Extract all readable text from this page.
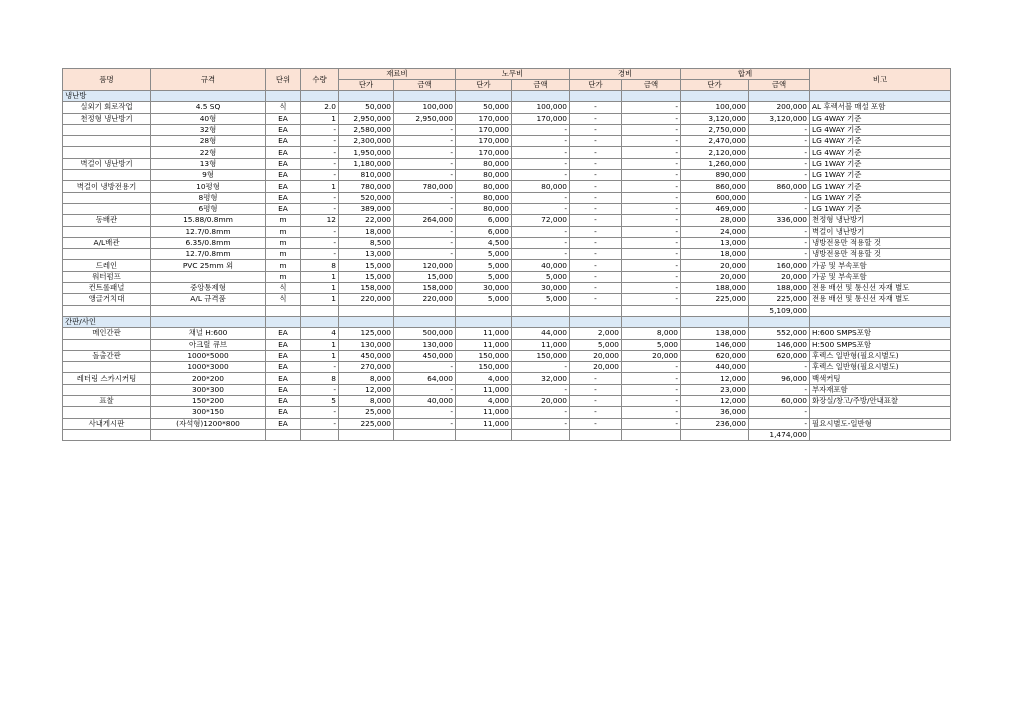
품명	규격	단위	수량	재료비		노무비		경비		합계		비고
				단가	금액	단가	금액	단가	금액	단가	금액	
냉난방												
실외기 회로작업	4.5 SQ	식	2.0	50,000	100,000	50,000	100,000	-	-	100,000	200,000	AL 후렉서블 매설 포함
천정형 냉난방기	40형	EA	1	2,950,000	2,950,000	170,000	170,000	-	-	3,120,000	3,120,000	LG 4WAY 기준
	32형	EA	-	2,580,000	-	170,000	-	-	-	2,750,000	-	LG 4WAY 기준
	28형	EA	-	2,300,000	-	170,000	-	-	-	2,470,000	-	LG 4WAY 기준
	22형	EA	-	1,950,000	-	170,000	-	-	-	2,120,000	-	LG 4WAY 기준
벽걸이 냉난방기	13형	EA	-	1,180,000	-	80,000	-	-	-	1,260,000	-	LG 1WAY 기준
	9형	EA	-	810,000	-	80,000	-	-	-	890,000	-	LG 1WAY 기준
벽걸이 냉방전용기	10평형	EA	1	780,000	780,000	80,000	80,000	-	-	860,000	860,000	LG 1WAY 기준
	8평형	EA	-	520,000	-	80,000	-	-	-	600,000	-	LG 1WAY 기준
	6평형	EA	-	389,000	-	80,000	-	-	-	469,000	-	LG 1WAY 기준
동배관	15.88/0.8mm	m	12	22,000	264,000	6,000	72,000	-	-	28,000	336,000	천정형 냉난방기
	12.7/0.8mm	m	-	18,000	-	6,000	-	-	-	24,000	-	벽걸이 냉난방기
A/L배관	6.35/0.8mm	m	-	8,500	-	4,500	-	-	-	13,000	-	냉방전용만 적용할 것
	12.7/0.8mm	m	-	13,000	-	5,000	-	-	-	18,000	-	냉방전용만 적용할 것
드레인	PVC 25mm 외	m	8	15,000	120,000	5,000	40,000	-	-	20,000	160,000	가공 및 부속포함
워터펌프		m	1	15,000	15,000	5,000	5,000	-	-	20,000	20,000	가공 및 부속포함
컨트롤패널	중앙통제형	식	1	158,000	158,000	30,000	30,000	-	-	188,000	188,000	전용 배선 및 통신선 자재 별도
앵글거치대	A/L 규격품	식	1	220,000	220,000	5,000	5,000	-	-	225,000	225,000	전용 배선 및 통신선 자재 별도
											5,109,000	
간판/사인												
메인간판	채널 H:600	EA	4	125,000	500,000	11,000	44,000	2,000	8,000	138,000	552,000	H:600 SMPS포함
	아크릴 큐브	EA	1	130,000	130,000	11,000	11,000	5,000	5,000	146,000	146,000	H:500 SMPS포함
돌출간판	1000*5000	EA	1	450,000	450,000	150,000	150,000	20,000	20,000	620,000	620,000	후렉스 일반형(필요시별도)
	1000*3000	EA	-	270,000	-	150,000	-	20,000	-	440,000	-	후렉스 일반형(필요시별도)
레터링 스카시커팅	200*200	EA	8	8,000	64,000	4,000	32,000	-	-	12,000	96,000	백색커팅
	300*300	EA	-	12,000	-	11,000	-	-	-	23,000	-	부자재포함
표찰	150*200	EA	5	8,000	40,000	4,000	20,000	-	-	12,000	60,000	화장실/창고/주방/안내표찰
	300*150	EA	-	25,000	-	11,000	-	-	-	36,000	-	
사내게시판	(자석형)1200*800	EA	-	225,000	-	11,000	-	-	-	236,000	-	필요시별도-일반형
											1,474,000	
